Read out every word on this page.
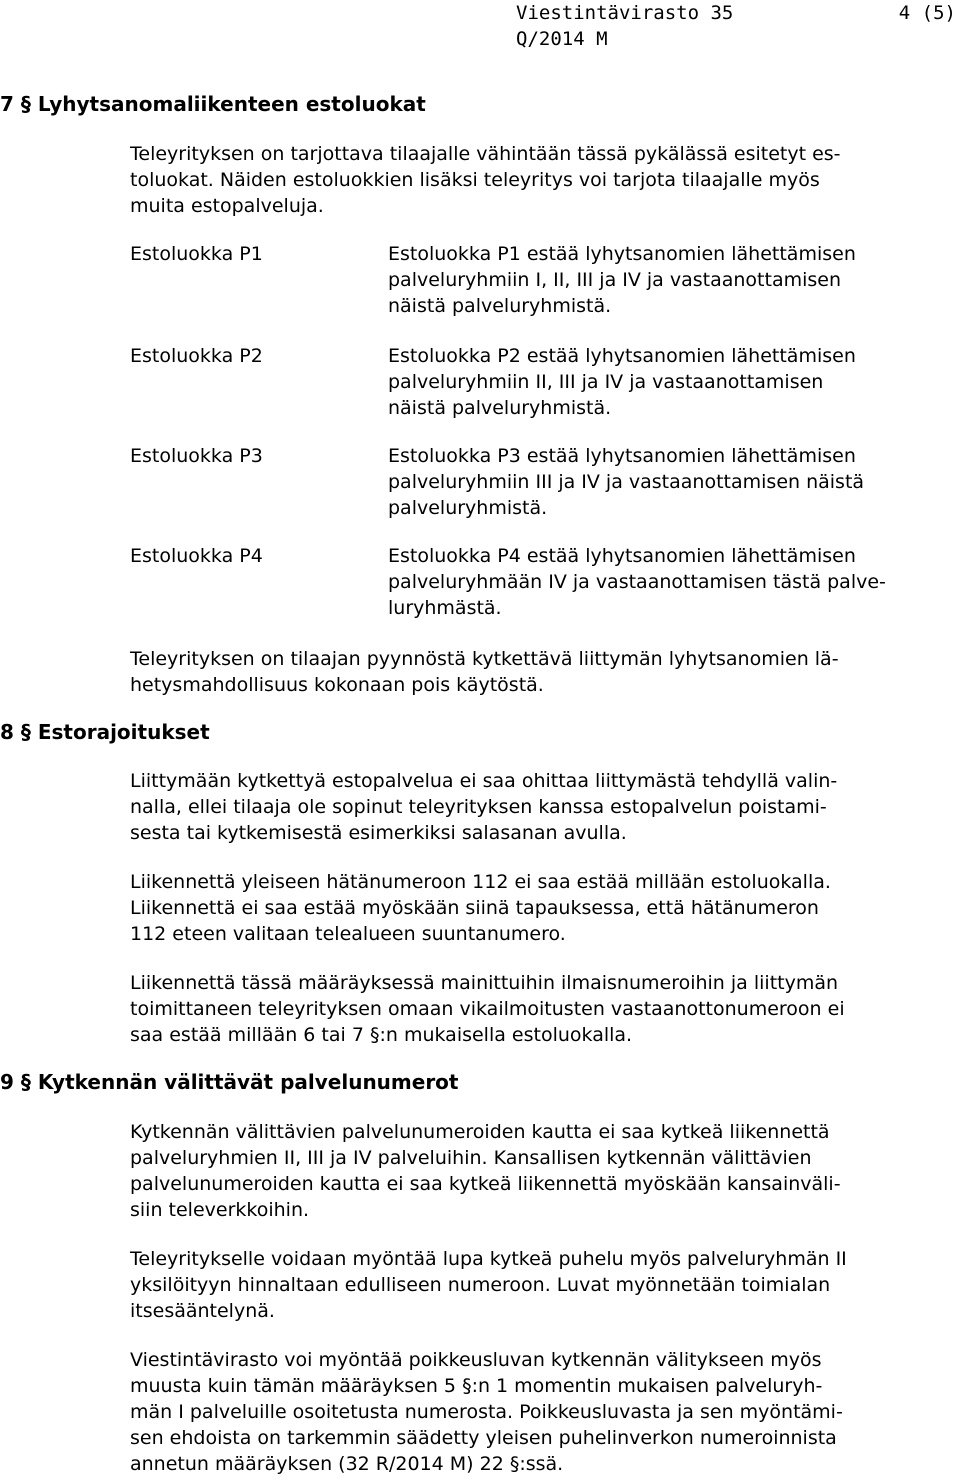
Viestintävirasto 35	4 (5)
Q/2014 M
7 § Lyhytsanomaliikenteen estoluokat
Teleyrityksen on tarjottava tilaajalle vähintään tässä pykälässä esitetyt es-
toluokat. Näiden estoluokkien lisäksi teleyritys voi tarjota tilaajalle myös
muita estopalveluja.
Estoluokka P1	Estoluokka P1 estää lyhytsanomien lähettämisen
palveluryhmiin I, II, III ja IV ja vastaanottamisen
näistä palveluryhmistä.
Estoluokka P2	Estoluokka P2 estää lyhytsanomien lähettämisen
palveluryhmiin II, III ja IV ja vastaanottamisen
näistä palveluryhmistä.
Estoluokka P3	Estoluokka P3 estää lyhytsanomien lähettämisen
palveluryhmiin III ja IV ja vastaanottamisen näistä
palveluryhmistä.
Estoluokka P4	Estoluokka P4 estää lyhytsanomien lähettämisen
palveluryhmään IV ja vastaanottamisen tästä palve-
luryhmästä.
Teleyrityksen on tilaajan pyynnöstä kytkettävä liittymän lyhytsanomien lä-
hetysmahdollisuus kokonaan pois käytöstä.
8 § Estorajoitukset
Liittymään kytkettyä estopalvelua ei saa ohittaa liittymästä tehdyllä valin-
nalla, ellei tilaaja ole sopinut teleyrityksen kanssa estopalvelun poistami-
sesta tai kytkemisestä esimerkiksi salasanan avulla.
Liikennettä yleiseen hätänumeroon 112 ei saa estää millään estoluokalla.
Liikennettä ei saa estää myöskään siinä tapauksessa, että hätänumeron
112 eteen valitaan telealueen suuntanumero.
Liikennettä tässä määräyksessä mainittuihin ilmaisnumeroihin ja liittymän
toimittaneen teleyrityksen omaan vikailmoitusten vastaanottonumeroon ei
saa estää millään 6 tai 7 §:n mukaisella estoluokalla.
9 § Kytkennän välittävät palvelunumerot
Kytkennän välittävien palvelunumeroiden kautta ei saa kytkeä liikennettä
palveluryhmien II, III ja IV palveluihin. Kansallisen kytkennän välittävien
palvelunumeroiden kautta ei saa kytkeä liikennettä myöskään kansainväli-
siin televerkkoihin.
Teleyritykselle voidaan myöntää lupa kytkeä puhelu myös palveluryhmän II
yksilöityyn hinnaltaan edulliseen numeroon. Luvat myönnetään toimialan
itsesääntelynä.
Viestintävirasto voi myöntää poikkeusluvan kytkennän välitykseen myös
muusta kuin tämän määräyksen 5 §:n 1 momentin mukaisen palveluryh-
män I palveluille osoitetusta numerosta. Poikkeusluvasta ja sen myöntämi-
sen ehdoista on tarkemmin säädetty yleisen puhelinverkon numeroinnista
annetun määräyksen (32 R/2014 M) 22 §:ssä.
